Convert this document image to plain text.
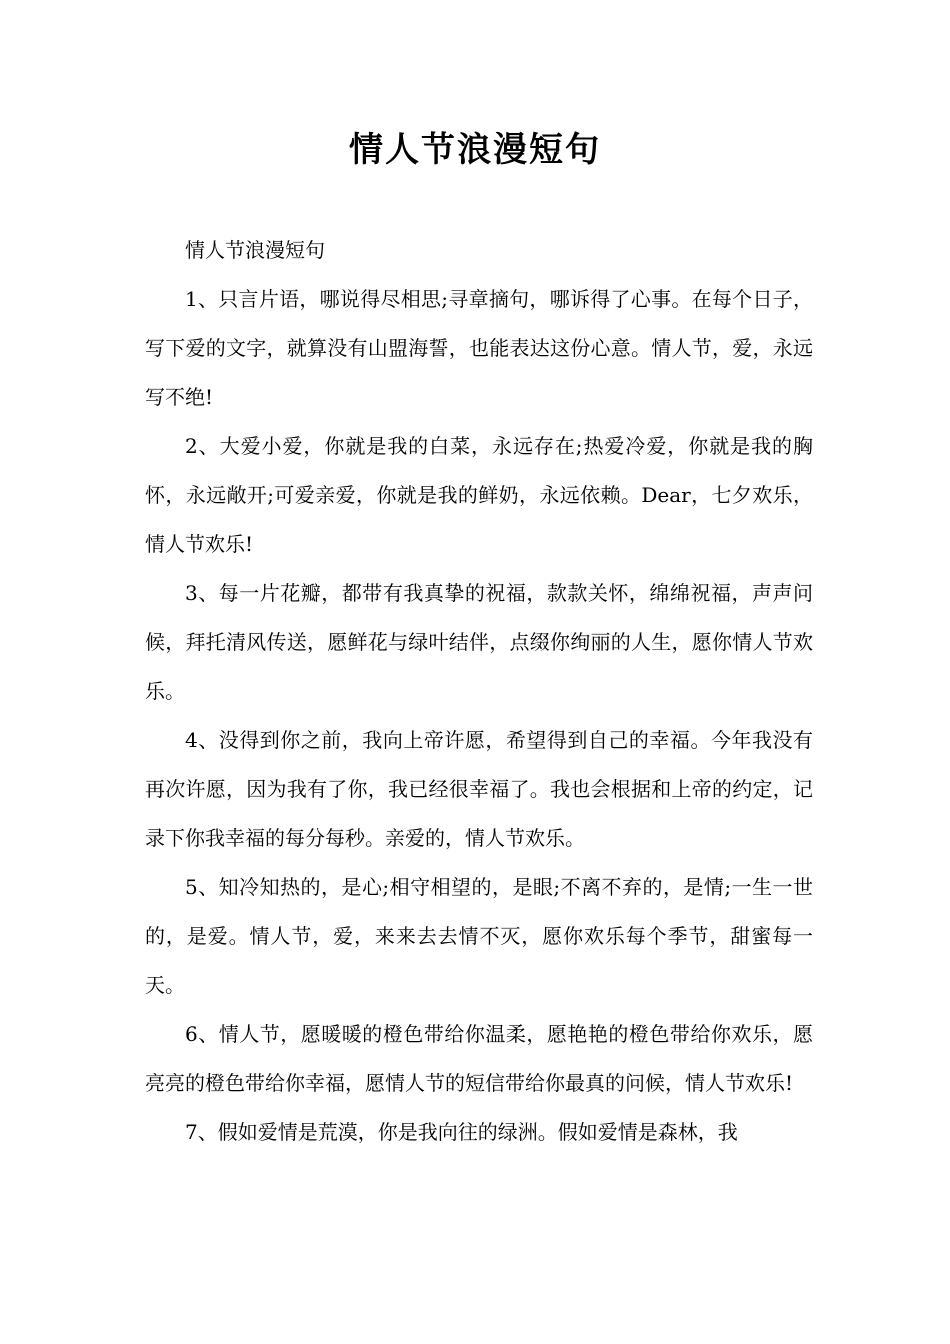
情人节浪漫短句

情人节浪漫短句

1、只言片语，哪说得尽相思;寻章摘句，哪诉得了心事。在每个日子，写下爱的文字，就算没有山盟海誓，也能表达这份心意。情人节，爱，永远写不绝!

2、大爱小爱，你就是我的白菜，永远存在;热爱冷爱，你就是我的胸怀，永远敞开;可爱亲爱，你就是我的鲜奶，永远依赖。Dear，七夕欢乐，情人节欢乐!

3、每一片花瓣，都带有我真挚的祝福，款款关怀，绵绵祝福，声声问候，拜托清风传送，愿鲜花与绿叶结伴，点缀你绚丽的人生，愿你情人节欢乐。

4、没得到你之前，我向上帝许愿，希望得到自己的幸福。今年我没有再次许愿，因为我有了你，我已经很幸福了。我也会根据和上帝的约定，记录下你我幸福的每分每秒。亲爱的，情人节欢乐。

5、知冷知热的，是心;相守相望的，是眼;不离不弃的，是情;一生一世的，是爱。情人节，爱，来来去去情不灭，愿你欢乐每个季节，甜蜜每一天。

6、情人节，愿暖暖的橙色带给你温柔，愿艳艳的橙色带给你欢乐，愿亮亮的橙色带给你幸福，愿情人节的短信带给你最真的问候，情人节欢乐!

7、假如爱情是荒漠，你是我向往的绿洲。假如爱情是森林，我
